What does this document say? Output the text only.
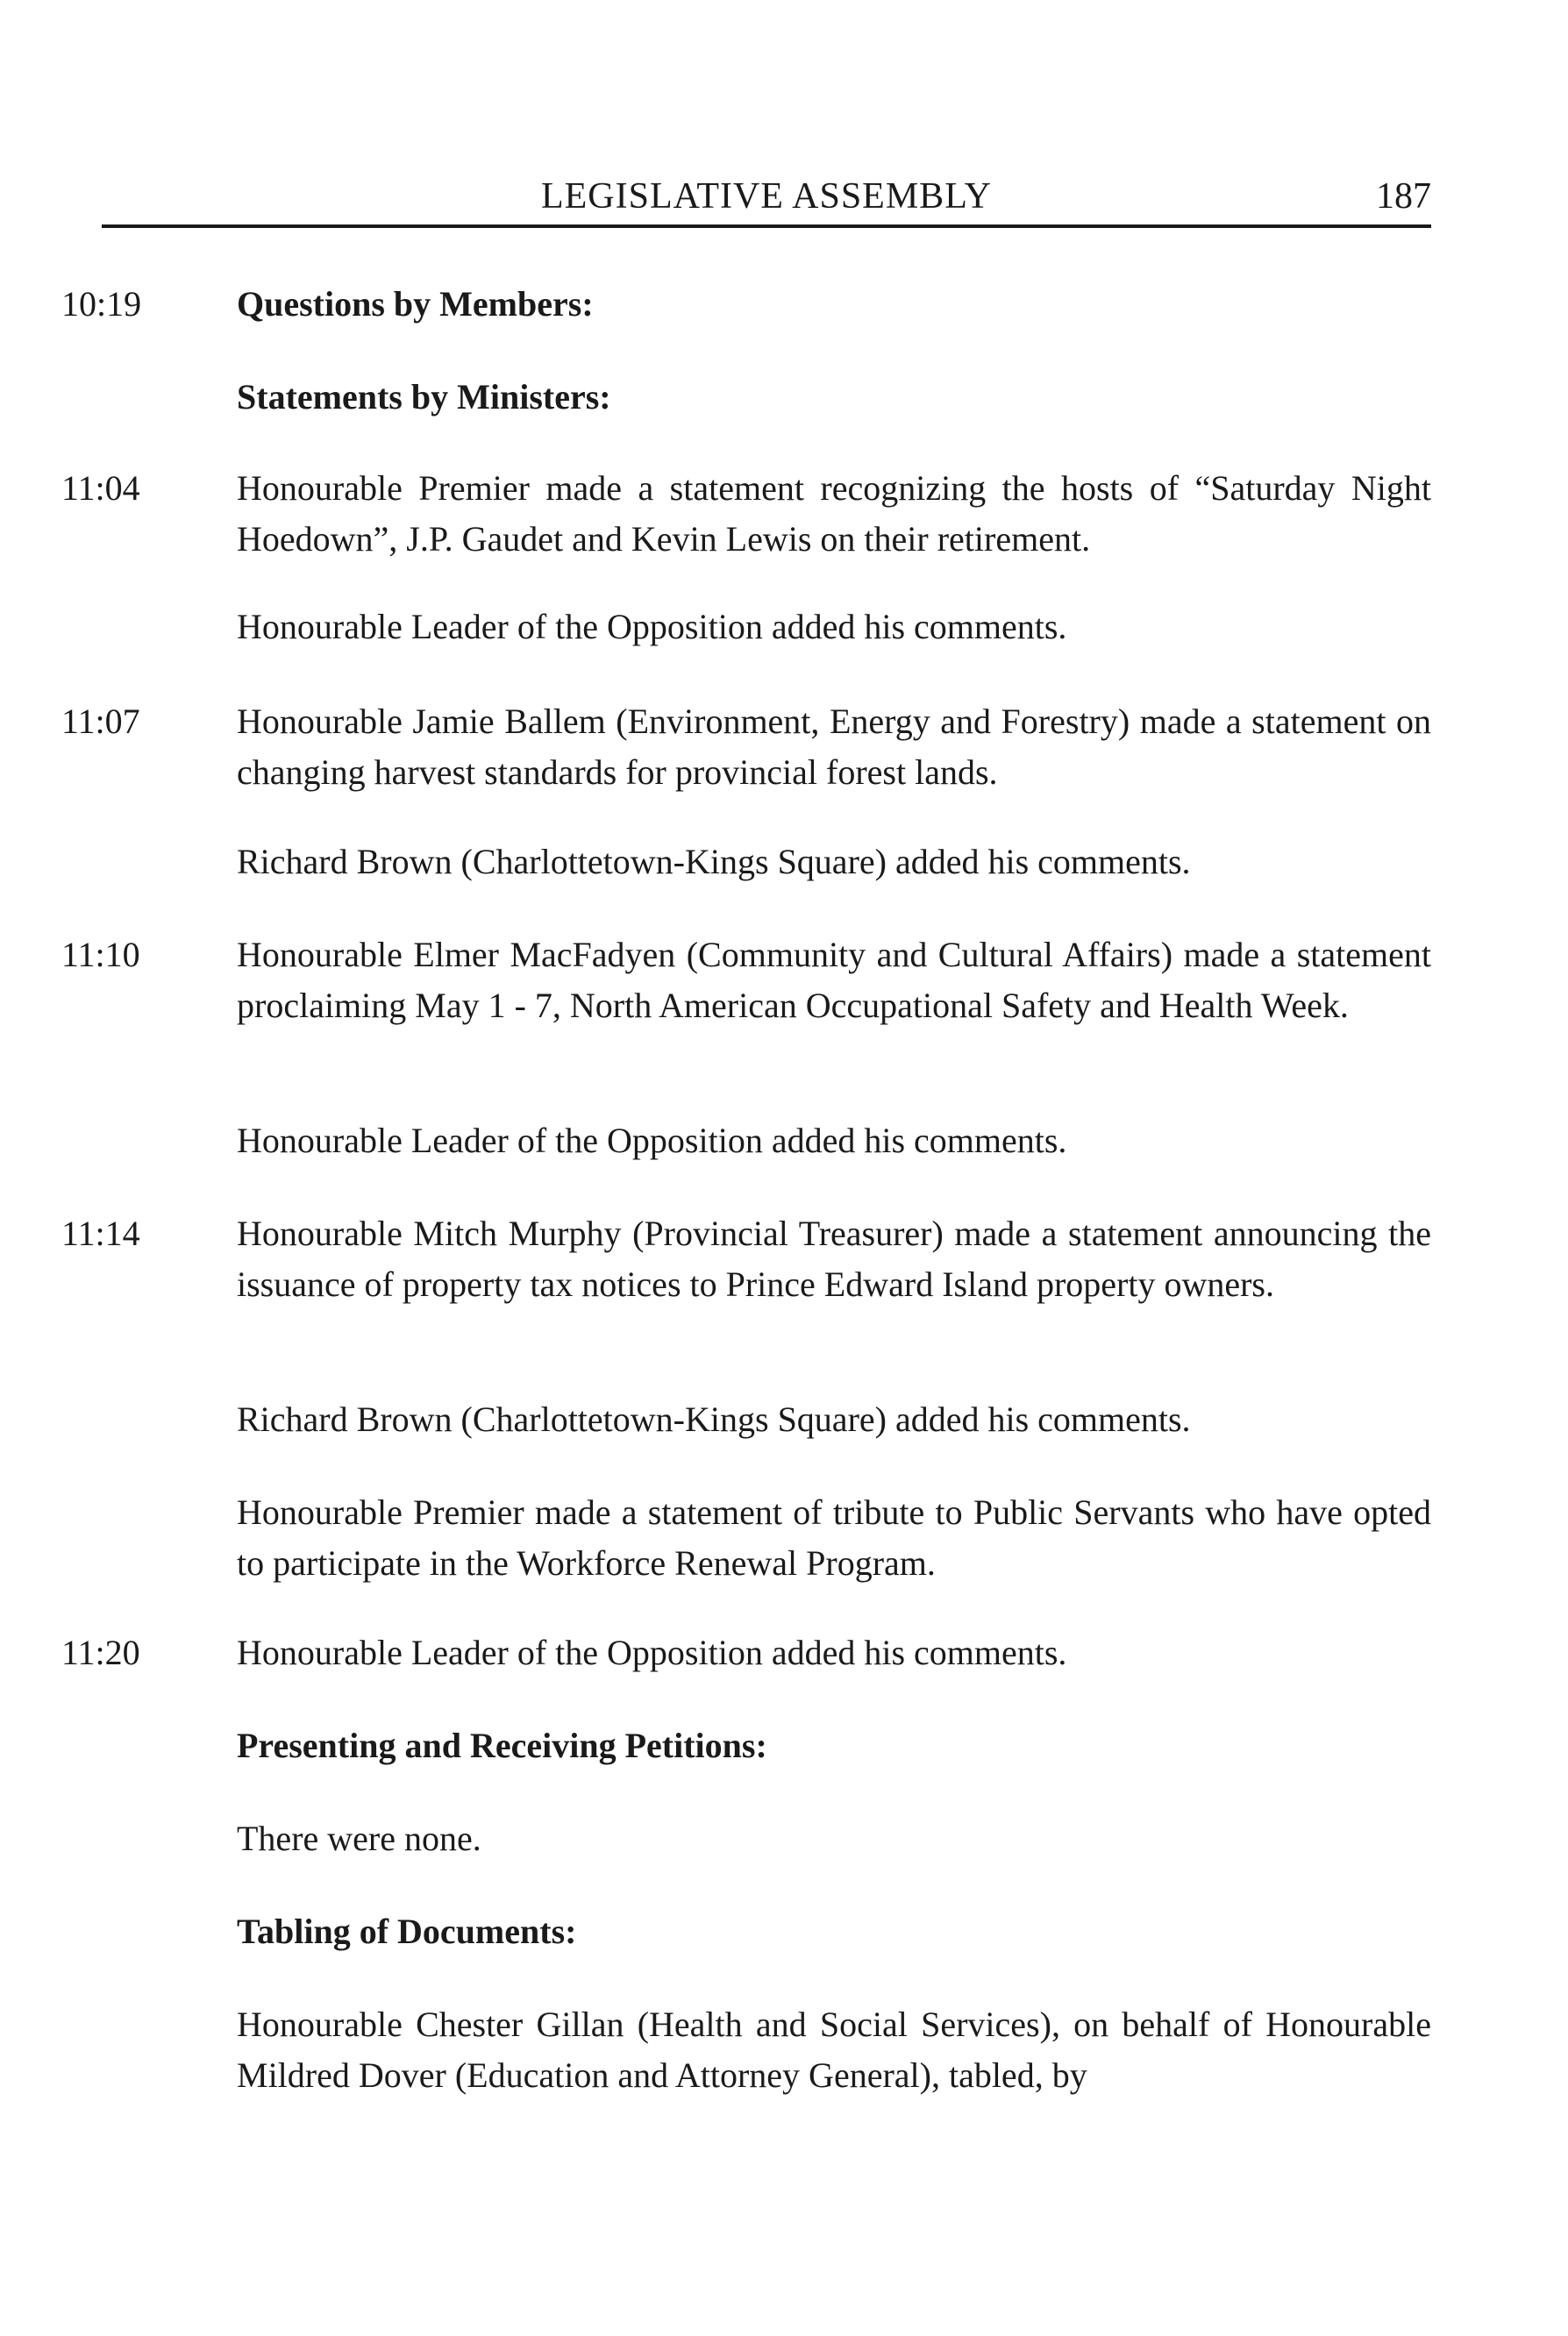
LEGISLATIVE ASSEMBLY	187
10:19	Questions by Members:
Statements by Ministers:
11:04	Honourable Premier made a statement recognizing the hosts of “Saturday Night Hoedown”, J.P. Gaudet and Kevin Lewis on their retirement.
Honourable Leader of the Opposition added his comments.
11:07	Honourable Jamie Ballem (Environment, Energy and Forestry) made a statement on changing harvest standards for provincial forest lands.
Richard Brown (Charlottetown-Kings Square) added his comments.
11:10	Honourable Elmer MacFadyen (Community and Cultural Affairs) made a statement proclaiming May 1 - 7, North American Occupational Safety and Health Week.
Honourable Leader of the Opposition added his comments.
11:14	Honourable Mitch Murphy (Provincial Treasurer) made a statement announcing the issuance of property tax notices to Prince Edward Island property owners.
Richard Brown (Charlottetown-Kings Square) added his comments.
Honourable Premier made a statement of tribute to Public Servants who have opted to participate in the Workforce Renewal Program.
11:20	Honourable Leader of the Opposition added his comments.
Presenting and Receiving Petitions:
There were none.
Tabling of Documents:
Honourable Chester Gillan (Health and Social Services), on behalf of Honourable Mildred Dover (Education and Attorney General), tabled, by
